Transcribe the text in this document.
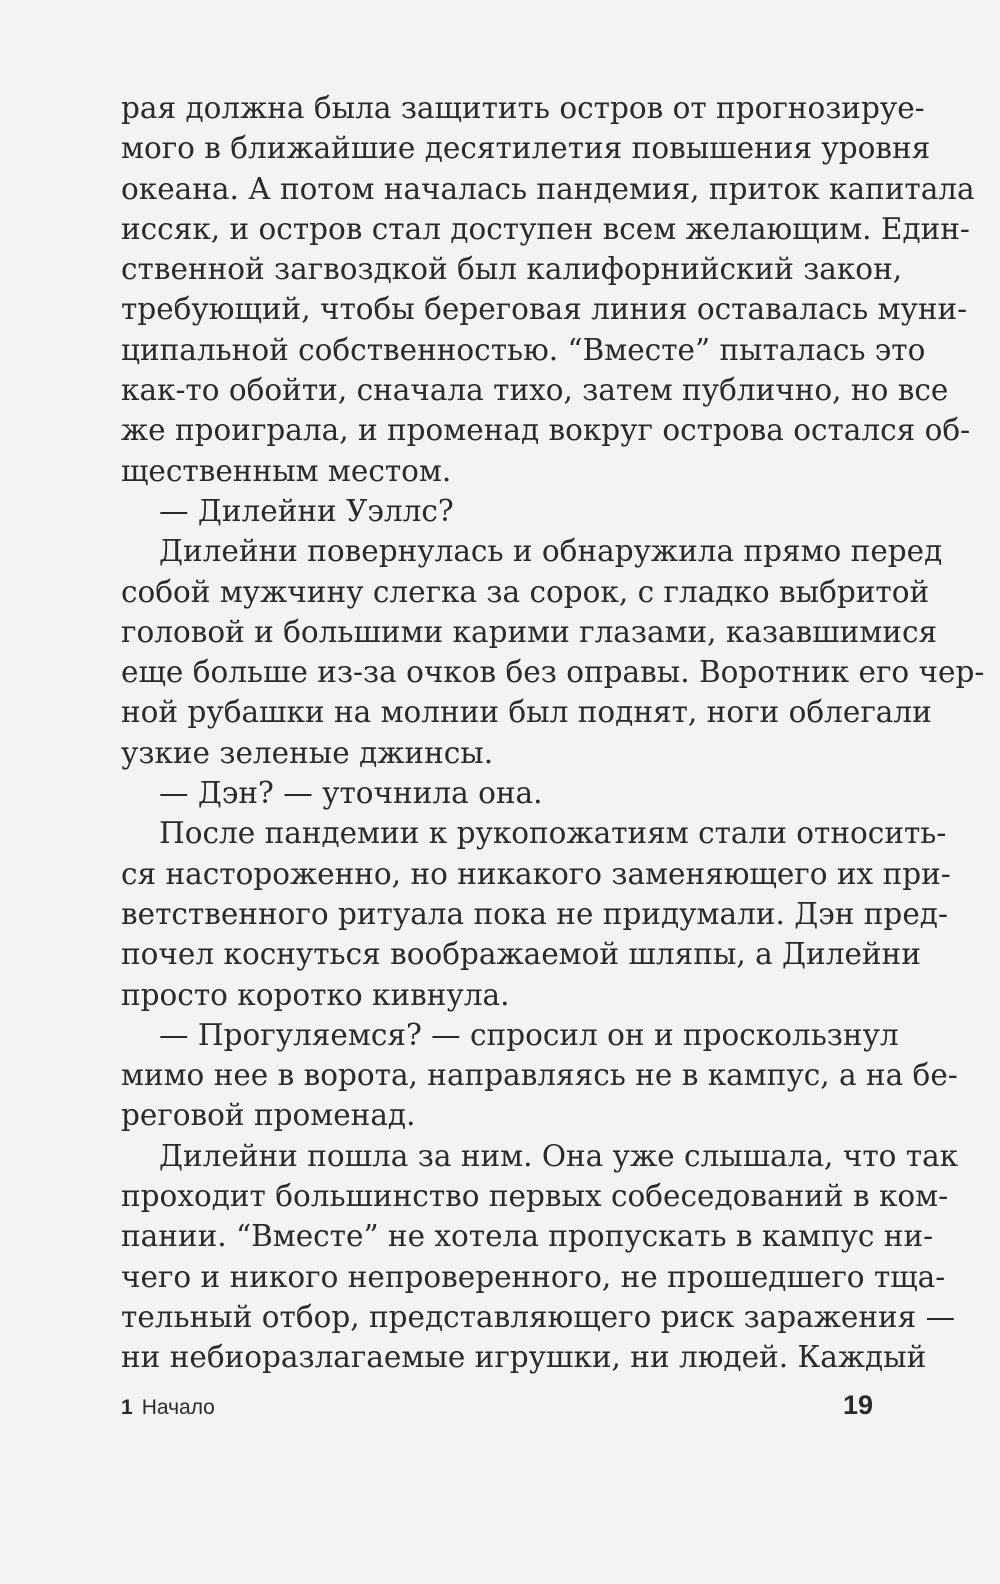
рая должна была защитить остров от прогнозируе-
мого в ближайшие десятилетия повышения уровня
океана. А потом началась пандемия, приток капитала
иссяк, и остров стал доступен всем желающим. Един-
ственной загвоздкой был калифорнийский закон,
требующий, чтобы береговая линия оставалась муни-
ципальной собственностью. “Вместе” пыталась это
как-то обойти, сначала тихо, затем публично, но все
же проиграла, и променад вокруг острова остался об-
щественным местом.
— Дилейни Уэллс?
Дилейни повернулась и обнаружила прямо перед
собой мужчину слегка за сорок, с гладко выбритой
головой и большими карими глазами, казавшимися
еще больше из-за очков без оправы. Воротник его чер-
ной рубашки на молнии был поднят, ноги облегали
узкие зеленые джинсы.
— Дэн? — уточнила она.
После пандемии к рукопожатиям стали относить-
ся настороженно, но никакого заменяющего их при-
ветственного ритуала пока не придумали. Дэн пред-
почел коснуться воображаемой шляпы, а Дилейни
просто коротко кивнула.
— Прогуляемся? — спросил он и проскользнул
мимо нее в ворота, направляясь не в кампус, а на бе-
реговой променад.
Дилейни пошла за ним. Она уже слышала, что так
проходит большинство первых собеседований в ком-
пании. “Вместе” не хотела пропускать в кампус ни-
чего и никого непроверенного, не прошедшего тща-
тельный отбор, представляющего риск заражения —
ни небиоразлагаемые игрушки, ни людей. Каждый
1 Начало	19
